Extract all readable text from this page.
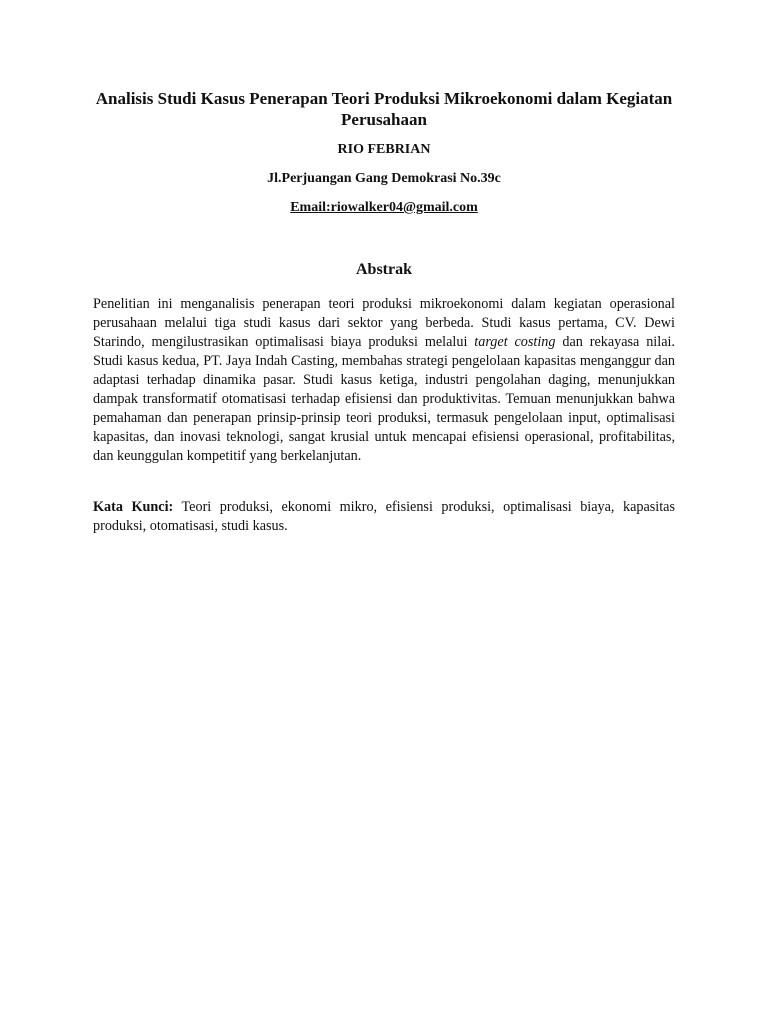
Analisis Studi Kasus Penerapan Teori Produksi Mikroekonomi dalam Kegiatan Perusahaan
RIO FEBRIAN
Jl.Perjuangan Gang Demokrasi No.39c
Email:riowalker04@gmail.com
Abstrak

Penelitian ini menganalisis penerapan teori produksi mikroekonomi dalam kegiatan operasional perusahaan melalui tiga studi kasus dari sektor yang berbeda. Studi kasus pertama, CV. Dewi Starindo, mengilustrasikan optimalisasi biaya produksi melalui target costing dan rekayasa nilai. Studi kasus kedua, PT. Jaya Indah Casting, membahas strategi pengelolaan kapasitas menganggur dan adaptasi terhadap dinamika pasar. Studi kasus ketiga, industri pengolahan daging, menunjukkan dampak transformatif otomatisasi terhadap efisiensi dan produktivitas. Temuan menunjukkan bahwa pemahaman dan penerapan prinsip-prinsip teori produksi, termasuk pengelolaan input, optimalisasi kapasitas, dan inovasi teknologi, sangat krusial untuk mencapai efisiensi operasional, profitabilitas, dan keunggulan kompetitif yang berkelanjutan.

Kata Kunci: Teori produksi, ekonomi mikro, efisiensi produksi, optimalisasi biaya, kapasitas produksi, otomatisasi, studi kasus.
